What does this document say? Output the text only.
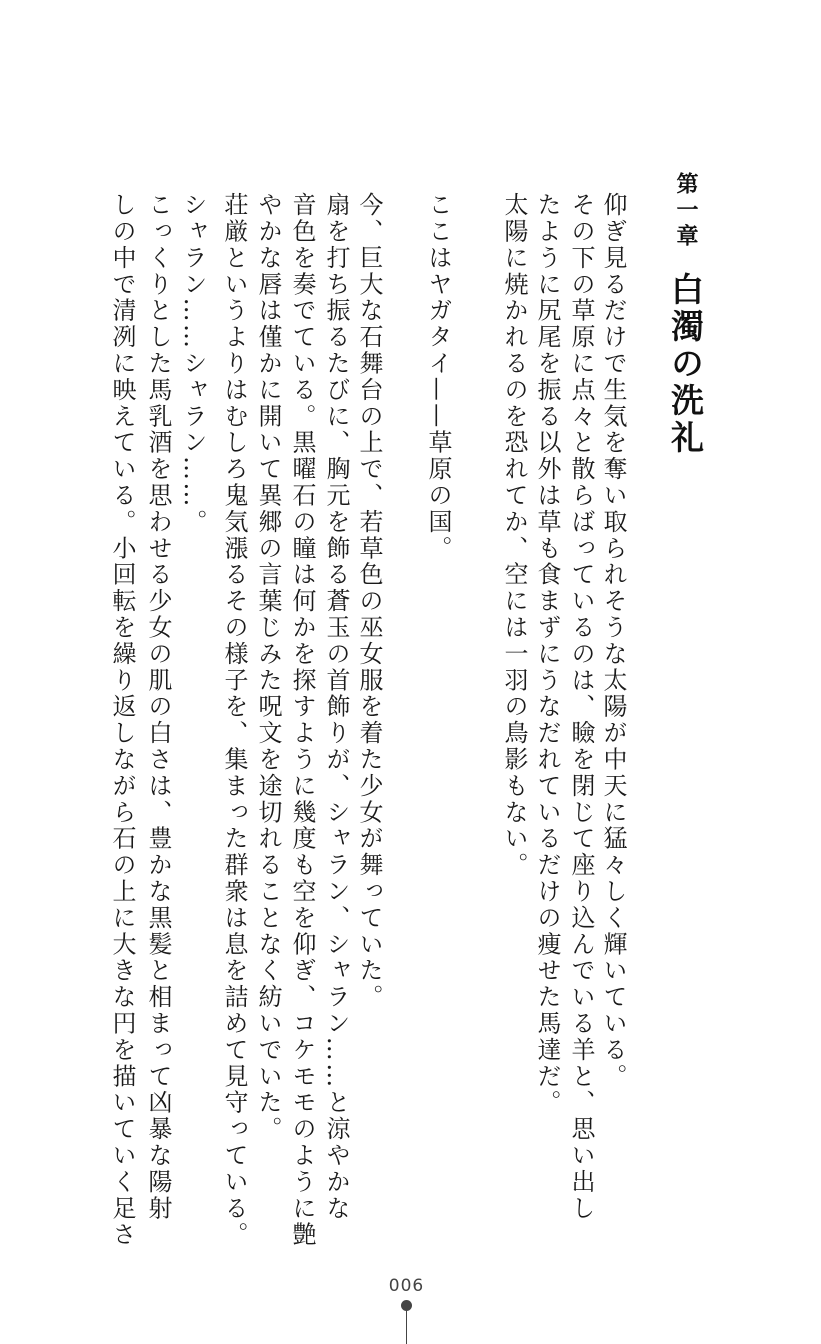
第一章白濁の洗礼
仰ぎ見るだけで生気を奪い取られそうな太陽が中天に猛々しく輝いている。
その下の草原に点々と散らばっているのは、瞼を閉じて座り込んでいる羊と、思い出し
たように尻尾を振る以外は草も食まずにうなだれているだけの痩せた馬達だ。
太陽に焼かれるのを恐れてか、空には一羽の鳥影もない。
ここはヤガタイ——草原の国。
今、巨大な石舞台の上で、若草色の巫女服を着た少女が舞っていた。
扇を打ち振るたびに、胸元を飾る蒼玉の首飾りが、シャラン、シャラン……と涼やかな
音色を奏でている。黒曜石の瞳は何かを探すように幾度も空を仰ぎ、コケモモのように艶
やかな唇は僅かに開いて異郷の言葉じみた呪文を途切れることなく紡いでいた。
荘厳というよりはむしろ鬼気漲るその様子を、集まった群衆は息を詰めて見守っている。
シャラン……シャラン……。
こっくりとした馬乳酒を思わせる少女の肌の白さは、豊かな黒髪と相まって凶暴な陽射
しの中で清冽に映えている。小回転を繰り返しながら石の上に大きな円を描いていく足さ
006
